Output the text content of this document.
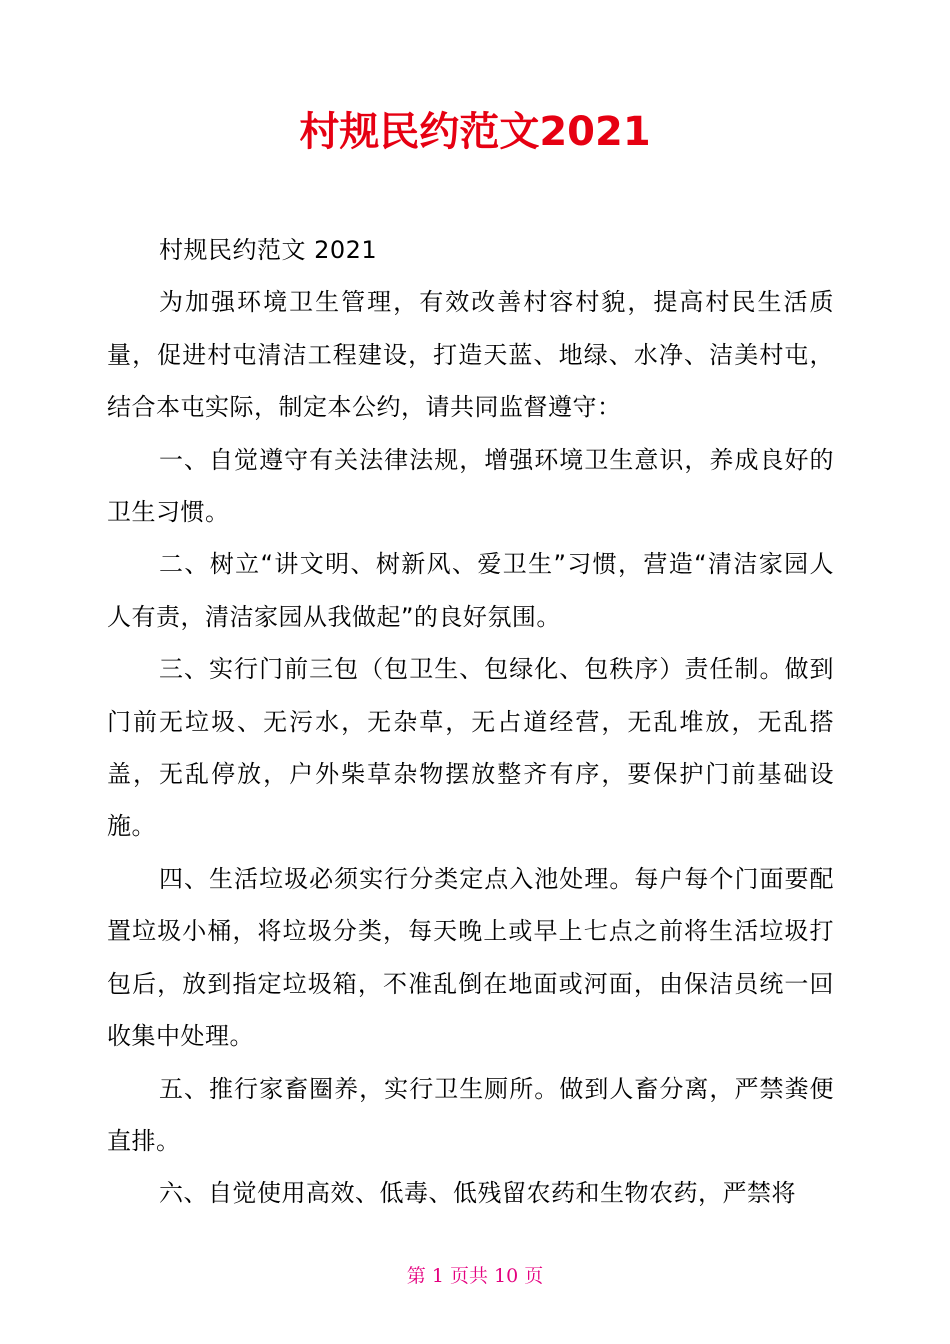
村规民约范文2021

村规民约范文 2021

为加强环境卫生管理，有效改善村容村貌，提高村民生活质量，促进村屯清洁工程建设，打造天蓝、地绿、水净、洁美村屯，结合本屯实际，制定本公约，请共同监督遵守：

一、自觉遵守有关法律法规，增强环境卫生意识，养成良好的卫生习惯。

二、树立“讲文明、树新风、爱卫生”习惯，营造“清洁家园人人有责，清洁家园从我做起”的良好氛围。

三、实行门前三包（包卫生、包绿化、包秩序）责任制。做到门前无垃圾、无污水，无杂草，无占道经营，无乱堆放，无乱搭盖，无乱停放，户外柴草杂物摆放整齐有序，要保护门前基础设施。

四、生活垃圾必须实行分类定点入池处理。每户每个门面要配置垃圾小桶，将垃圾分类，每天晚上或早上七点之前将生活垃圾打包后，放到指定垃圾箱，不准乱倒在地面或河面，由保洁员统一回收集中处理。

五、推行家畜圈养，实行卫生厕所。做到人畜分离，严禁粪便直排。

六、自觉使用高效、低毒、低残留农药和生物农药，严禁将

第 1 页共 10 页
